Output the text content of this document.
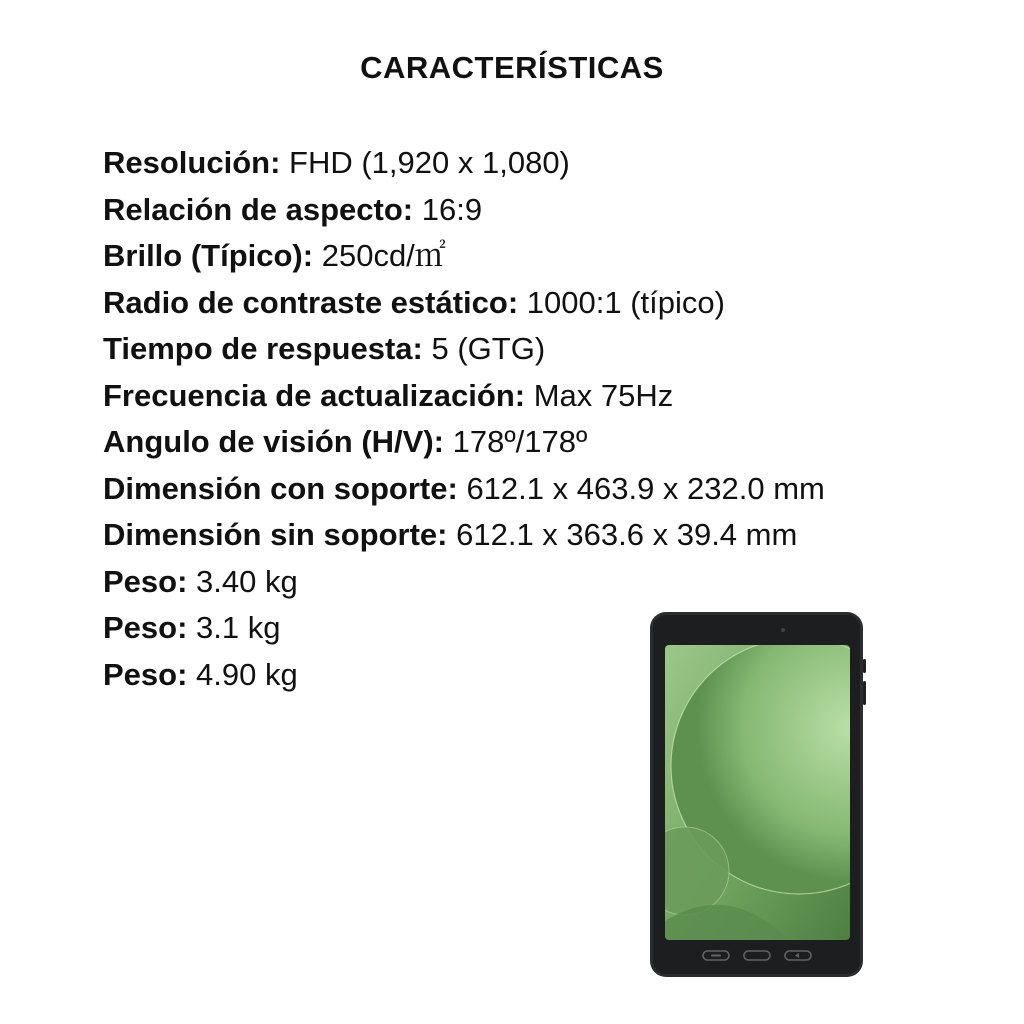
CARACTERÍSTICAS
Resolución: FHD (1,920 x 1,080)
Relación de aspecto: 16:9
Brillo (Típico): 250cd/㎡
Radio de contraste estático: 1000:1 (típico)
Tiempo de respuesta: 5 (GTG)
Frecuencia de actualización: Max 75Hz
Angulo de visión (H/V): 178º/178º
Dimensión con soporte: 612.1 x 463.9 x 232.0 mm
Dimensión sin soporte: 612.1 x 363.6 x 39.4 mm
Peso: 3.40 kg
Peso: 3.1 kg
Peso: 4.90 kg
